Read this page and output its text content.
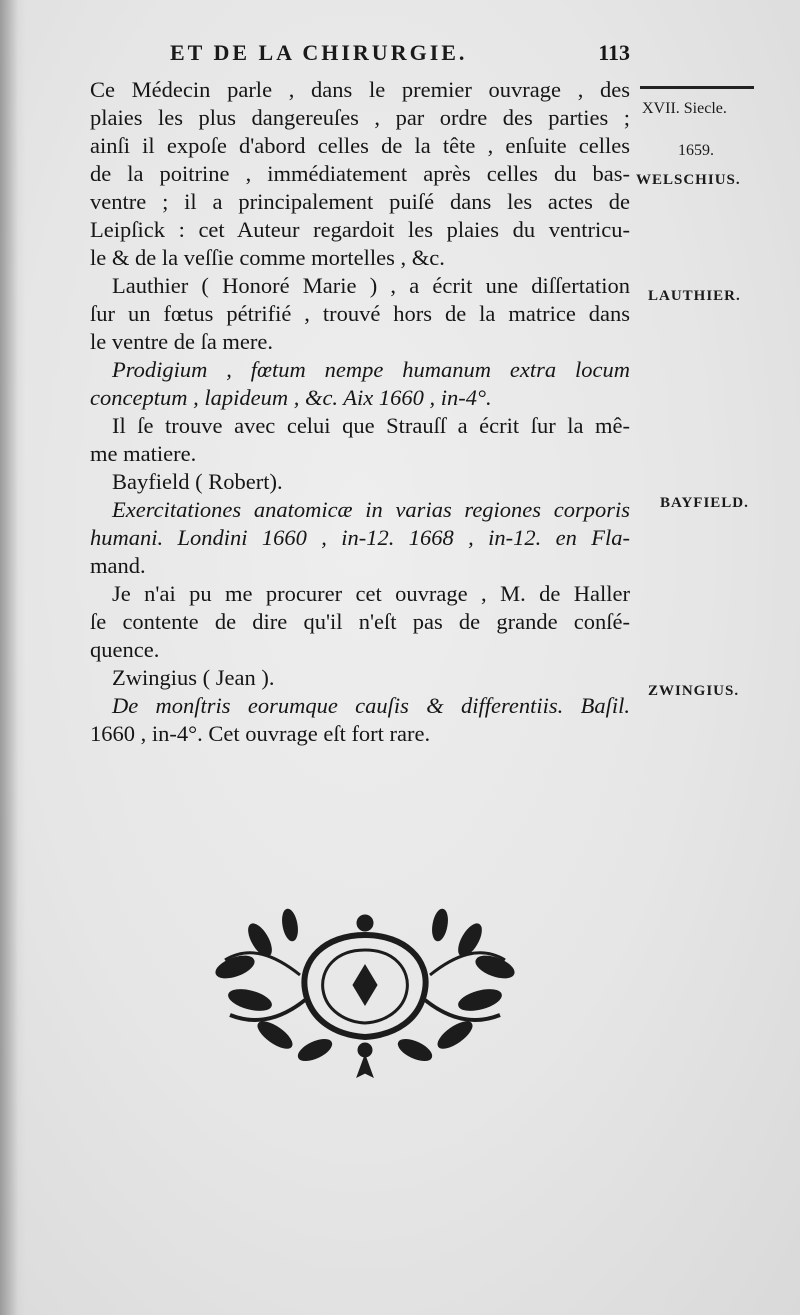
ET DE LA CHIRURGIE.	113
Ce Médecin parle , dans le premier ouvrage , des
plaies les plus dangereuſes , par ordre des parties ;
ainſi il expoſe d'abord celles de la tête , enſuite celles
de la poitrine , immédiatement après celles du bas-
ventre ; il a principalement puiſé dans les actes de
Leipſick : cet Auteur regardoit les plaies du ventricu-
le & de la veſſie comme mortelles , &c.
Lauthier ( Honoré Marie ) , a écrit une diſſertation
ſur un fœtus pétrifié , trouvé hors de la matrice dans
le ventre de ſa mere.
Prodigium , fœtum nempe humanum extra locum
conceptum , lapideum , &c. Aix 1660 , in-4°.
Il ſe trouve avec celui que Strauſſ a écrit ſur la mê-
me matiere.
Bayfield ( Robert).
Exercitationes anatomicæ in varias regiones corporis
humani. Londini 1660 , in-12. 1668 , in-12. en Fla-
mand.
Je n'ai pu me procurer cet ouvrage , M. de Haller
ſe contente de dire qu'il n'eſt pas de grande conſé-
quence.
Zwingius ( Jean ).
De monſtris eorumque cauſis & differentiis. Baſil.
1660 , in-4°. Cet ouvrage eſt fort rare.
XVII. Siecle.
1659.
WELSCHIUS.
LAUTHIER.
BAYFIELD.
ZWINGIUS.
